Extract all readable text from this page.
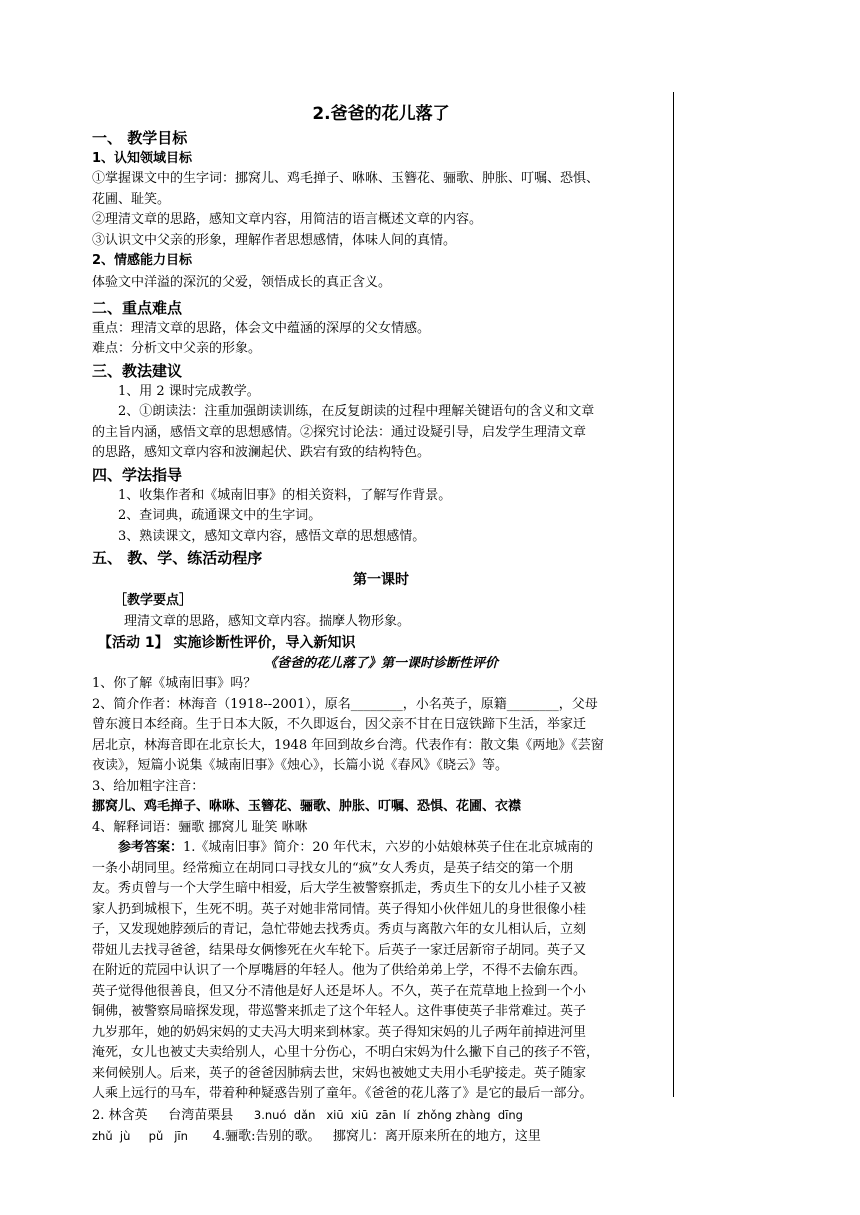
2.爸爸的花儿落了
一、 教学目标
1、认知领域目标
①掌握课文中的生字词：挪窝儿、鸡毛掸子、咻咻、玉簪花、骊歌、肿胀、叮嘱、恐惧、
花圃、耻笑。
②理清文章的思路，感知文章内容，用简洁的语言概述文章的内容。
③认识文中父亲的形象，理解作者思想感情，体味人间的真情。
2、情感能力目标
体验文中洋溢的深沉的父爱，领悟成长的真正含义。
二、重点难点
重点：理清文章的思路，体会文中蕴涵的深厚的父女情感。
难点：分析文中父亲的形象。
三、教法建议
1、用 2 课时完成教学。
2、①朗读法：注重加强朗读训练，在反复朗读的过程中理解关键语句的含义和文章
的主旨内涵，感悟文章的思想感情。②探究讨论法：通过设疑引导，启发学生理清文章
的思路，感知文章内容和波澜起伏、跌宕有致的结构特色。
四、学法指导
1、收集作者和《城南旧事》的相关资料，了解写作背景。
2、查词典，疏通课文中的生字词。
3、熟读课文，感知文章内容，感悟文章的思想感情。
五、 教、学、练活动程序
第一课时
［教学要点］
理清文章的思路，感知文章内容。揣摩人物形象。
【活动 1】 实施诊断性评价，导入新知识
《爸爸的花儿落了》第一课时诊断性评价
1、你了解《城南旧事》吗？
2、简介作者：林海音（1918--2001），原名________，小名英子，原籍________，父母
曾东渡日本经商。生于日本大阪，不久即返台，因父亲不甘在日寇铁蹄下生活，举家迁
居北京，林海音即在北京长大，1948 年回到故乡台湾。代表作有：散文集《两地》《芸窗
夜读》，短篇小说集《城南旧事》《烛心》，长篇小说《春风》《晓云》等。
3、给加粗字注音：
挪窝儿、鸡毛掸子、咻咻、玉簪花、骊歌、肿胀、叮嘱、恐惧、花圃、衣襟
4、解释词语：骊歌 挪窝儿 耻笑 咻咻
参考答案：1.《城南旧事》简介：20 年代末，六岁的小姑娘林英子住在北京城南的
一条小胡同里。经常痴立在胡同口寻找女儿的“疯”女人秀贞，是英子结交的第一个朋
友。秀贞曾与一个大学生暗中相爱，后大学生被警察抓走，秀贞生下的女儿小桂子又被
家人扔到城根下，生死不明。英子对她非常同情。英子得知小伙伴妞儿的身世很像小桂
子，又发现她脖颈后的青记，急忙带她去找秀贞。秀贞与离散六年的女儿相认后，立刻
带妞儿去找寻爸爸，结果母女俩惨死在火车轮下。后英子一家迁居新帘子胡同。英子又
在附近的荒园中认识了一个厚嘴唇的年轻人。他为了供给弟弟上学，不得不去偷东西。
英子觉得他很善良，但又分不清他是好人还是坏人。不久，英子在荒草地上捡到一个小
铜佛，被警察局暗探发现，带巡警来抓走了这个年轻人。这件事使英子非常难过。英子
九岁那年，她的奶妈宋妈的丈夫冯大明来到林家。英子得知宋妈的儿子两年前掉进河里
淹死，女儿也被丈夫卖给别人，心里十分伤心，不明白宋妈为什么撇下自己的孩子不管，
来伺候别人。后来，英子的爸爸因肺病去世，宋妈也被她丈夫用小毛驴接走。英子随家
人乘上远行的马车，带着种种疑惑告别了童年。《爸爸的花儿落了》是它的最后一部分。
2. 林含英     台湾苗栗县 3.nuó  dǎn   xiū  xiū  zān  lí  zhǒng zhàng  dīng
zhǔ  jù     pǔ   jīn 4.骊歌:告别的歌。   挪窝儿：离开原来所在的地方，这里
